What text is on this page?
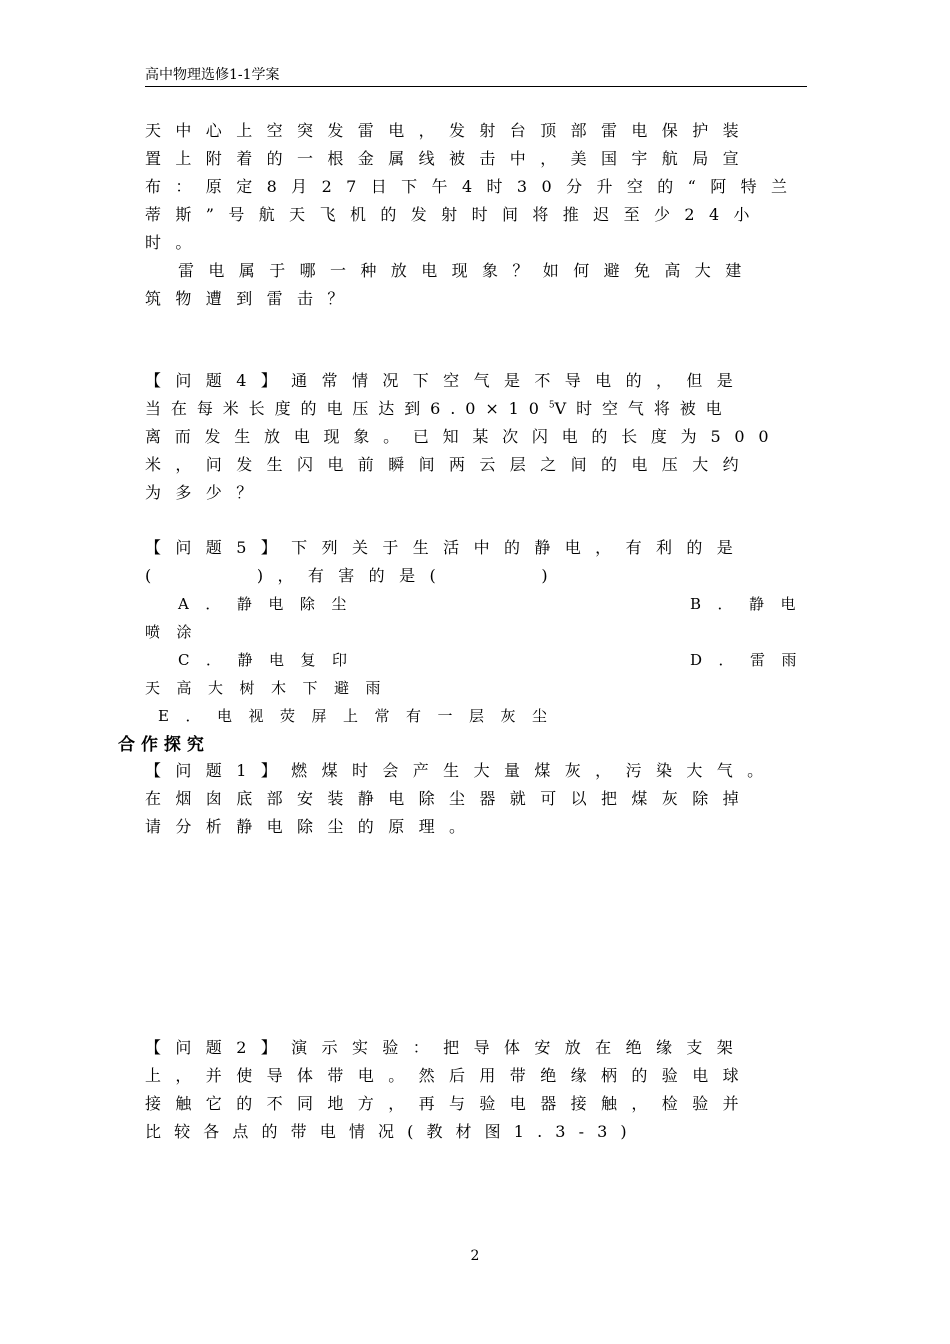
高中物理选修1-1学案
天中心上空突发雷电，发射台顶部雷电保护装
置上附着的一根金属线被击中，美国宇航局宣
布：原定8月27日下午4时30分升空的“阿特兰
蒂斯”号航天飞机的发射时间将推迟至少24小
时。
雷电属于哪一种放电现象？如何避免高大建
筑物遭到雷击？
【问题4】通常情况下空气是不导电的，但是
当在每米长度的电压达到$6.0\times 10^5V$时空气将被电
离而发生放电现象。已知某次闪电的长度为500
米，问发生闪电前瞬间两云层之间的电压大约
为多少？
【问题5】下列关于生活中的静电，有利的是
(　　　)，有害的是(　　　)
A．静电除尘	B．静电
喷涂
C．静电复印	D．雷雨
天高大树木下避雨
E．电视荧屏上常有一层灰尘
合作探究
【问题1】燃煤时会产生大量煤灰，污染大气。
在烟囱底部安装静电除尘器就可以把煤灰除掉
请分析静电除尘的原理。
【问题2】演示实验：把导体安放在绝缘支架
上，并使导体带电。然后用带绝缘柄的验电球
接触它的不同地方，再与验电器接触，检验并
比较各点的带电情况(教材图1.3-3)
2
